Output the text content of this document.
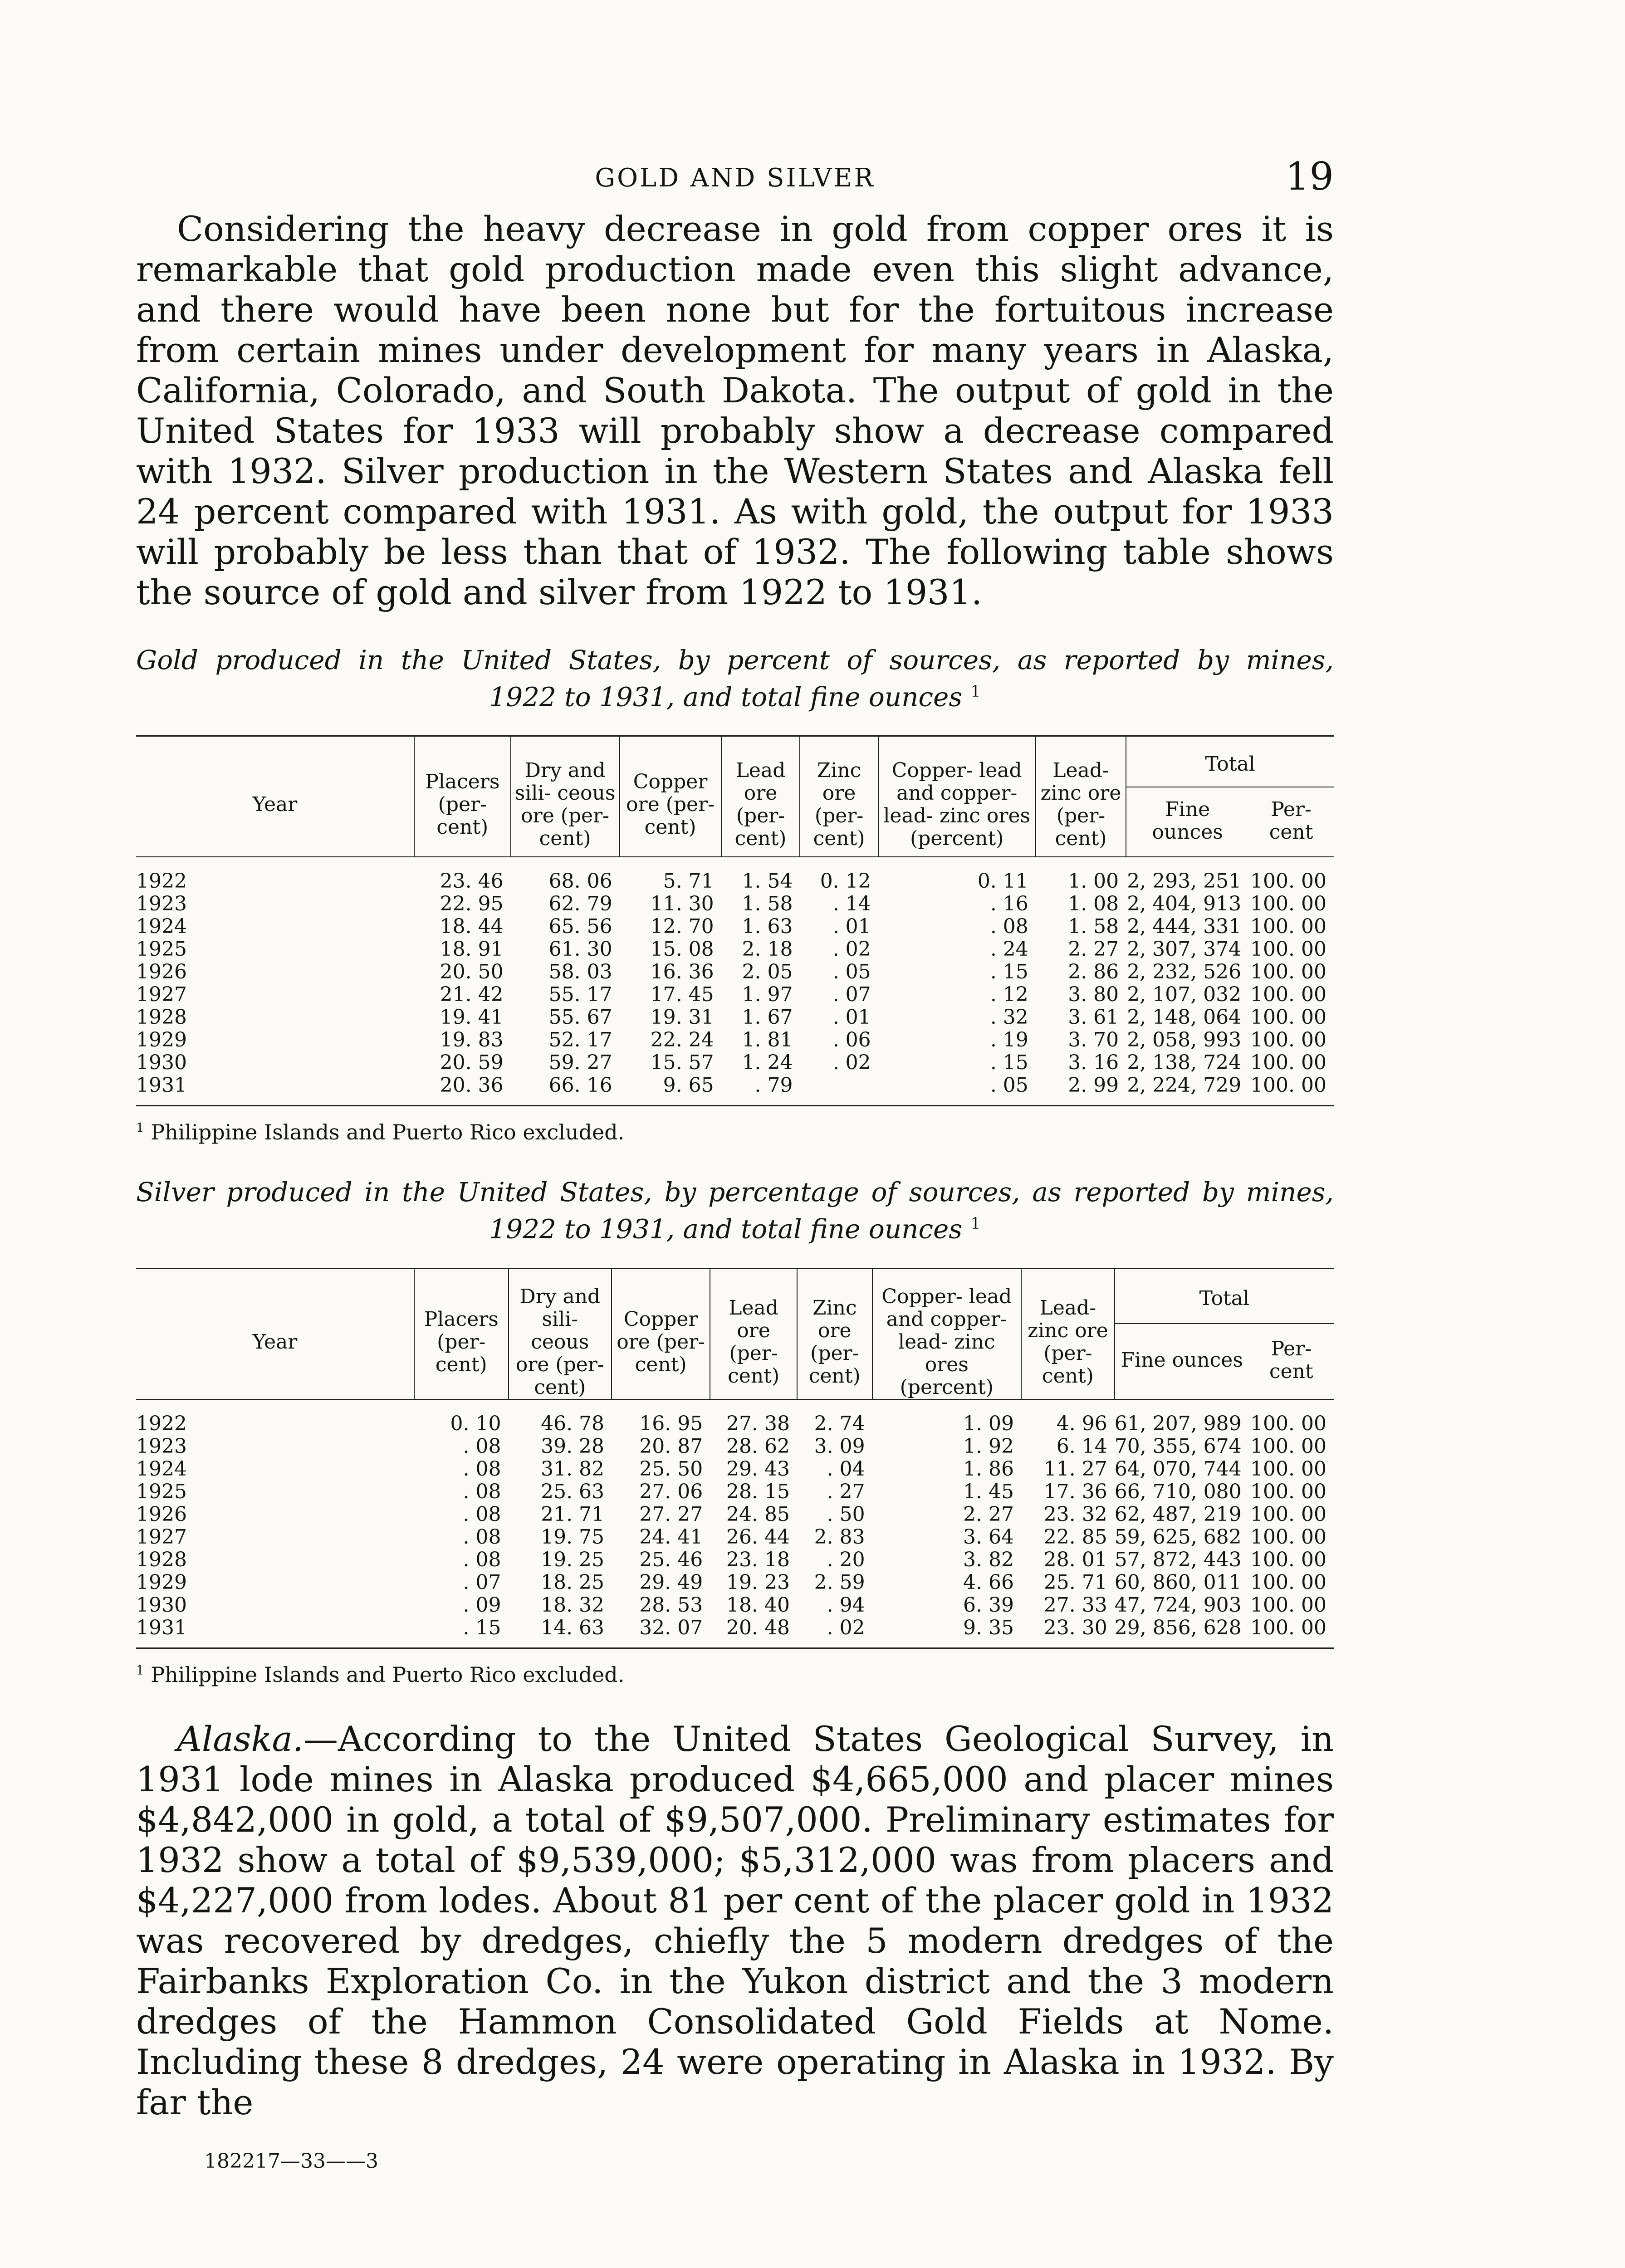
GOLD AND SILVER	19

Considering the heavy decrease in gold from copper ores it is remarkable that gold production made even this slight advance, and there would have been none but for the fortuitous increase from certain mines under development for many years in Alaska, California, Colorado, and South Dakota. The output of gold in the United States for 1933 will probably show a decrease compared with 1932. Silver production in the Western States and Alaska fell 24 percent compared with 1931. As with gold, the output for 1933 will probably be less than that of 1932. The following table shows the source of gold and silver from 1922 to 1931.

Gold produced in the United States, by percent of sources, as reported by mines,
1922 to 1931, and total fine ounces $^1$
Year	Placers (per- cent)	Dry and sili- ceous ore (per- cent)	Copper ore (per- cent)	Lead ore (per- cent)	Zinc ore (per- cent)	Copper- lead and copper- lead- zinc ores (percent)	Lead- zinc ore (per- cent)	Total	
								Fine ounces	Per- cent
1922	23. 46	68. 06	5. 71	1. 54	0. 12	0. 11	1. 00	2, 293, 251	100. 00
1923	22. 95	62. 79	11. 30	1. 58	. 14	. 16	1. 08	2, 404, 913	100. 00
1924	18. 44	65. 56	12. 70	1. 63	. 01	. 08	1. 58	2, 444, 331	100. 00
1925	18. 91	61. 30	15. 08	2. 18	. 02	. 24	2. 27	2, 307, 374	100. 00
1926	20. 50	58. 03	16. 36	2. 05	. 05	. 15	2. 86	2, 232, 526	100. 00
1927	21. 42	55. 17	17. 45	1. 97	. 07	. 12	3. 80	2, 107, 032	100. 00
1928	19. 41	55. 67	19. 31	1. 67	. 01	. 32	3. 61	2, 148, 064	100. 00
1929	19. 83	52. 17	22. 24	1. 81	. 06	. 19	3. 70	2, 058, 993	100. 00
1930	20. 59	59. 27	15. 57	1. 24	. 02	. 15	3. 16	2, 138, 724	100. 00
1931	20. 36	66. 16	9. 65	. 79		. 05	2. 99	2, 224, 729	100. 00

$^1$ Philippine Islands and Puerto Rico excluded.

Silver produced in the United States, by percentage of sources, as reported by mines,
1922 to 1931, and total fine ounces $^1$
Year	Placers (per- cent)	Dry and sili- ceous ore (per- cent)	Copper ore (per- cent)	Lead ore (per- cent)	Zinc ore (per- cent)	Copper- lead and copper- lead- zinc ores (percent)	Lead- zinc ore (per- cent)	Total	
								Fine ounces	Per- cent
1922	0. 10	46. 78	16. 95	27. 38	2. 74	1. 09	4. 96	61, 207, 989	100. 00
1923	. 08	39. 28	20. 87	28. 62	3. 09	1. 92	6. 14	70, 355, 674	100. 00
1924	. 08	31. 82	25. 50	29. 43	. 04	1. 86	11. 27	64, 070, 744	100. 00
1925	. 08	25. 63	27. 06	28. 15	. 27	1. 45	17. 36	66, 710, 080	100. 00
1926	. 08	21. 71	27. 27	24. 85	. 50	2. 27	23. 32	62, 487, 219	100. 00
1927	. 08	19. 75	24. 41	26. 44	2. 83	3. 64	22. 85	59, 625, 682	100. 00
1928	. 08	19. 25	25. 46	23. 18	. 20	3. 82	28. 01	57, 872, 443	100. 00
1929	. 07	18. 25	29. 49	19. 23	2. 59	4. 66	25. 71	60, 860, 011	100. 00
1930	. 09	18. 32	28. 53	18. 40	. 94	6. 39	27. 33	47, 724, 903	100. 00
1931	. 15	14. 63	32. 07	20. 48	. 02	9. 35	23. 30	29, 856, 628	100. 00

$^1$ Philippine Islands and Puerto Rico excluded.

Alaska.—According to the United States Geological Survey, in 1931 lode mines in Alaska produced $4,665,000 and placer mines $4,842,000 in gold, a total of $9,507,000. Preliminary estimates for 1932 show a total of $9,539,000; $5,312,000 was from placers and $4,227,000 from lodes. About 81 per cent of the placer gold in 1932 was recovered by dredges, chiefly the 5 modern dredges of the Fairbanks Exploration Co. in the Yukon district and the 3 modern dredges of the Hammon Consolidated Gold Fields at Nome. Including these 8 dredges, 24 were operating in Alaska in 1932. By far the

182217—33——3
